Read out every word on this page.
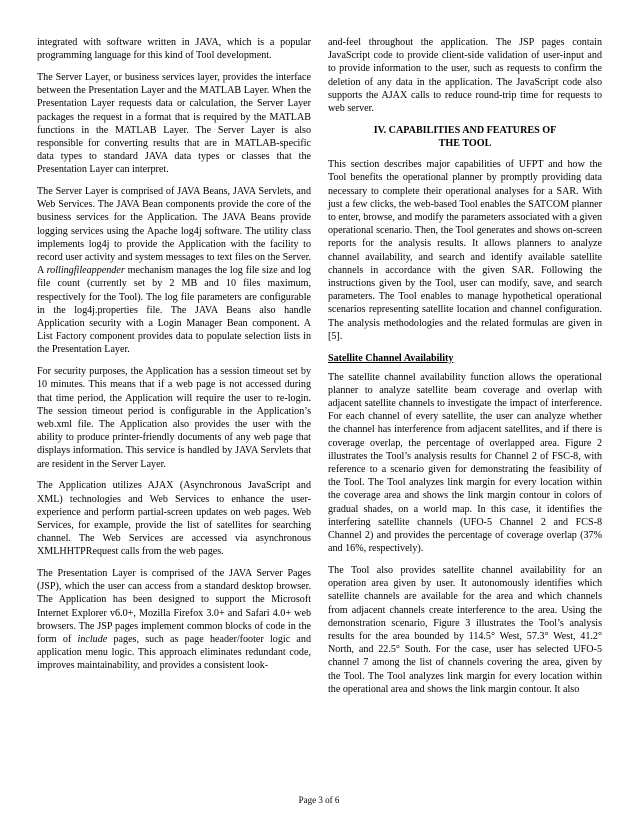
integrated with software written in JAVA, which is a popular programming language for this kind of Tool development.

The Server Layer, or business services layer, provides the interface between the Presentation Layer and the MATLAB Layer. When the Presentation Layer requests data or calculation, the Server Layer packages the request in a format that is required by the MATLAB functions in the MATLAB Layer. The Server Layer is also responsible for converting results that are in MATLAB-specific data types to standard JAVA data types or classes that the Presentation Layer can interpret.

The Server Layer is comprised of JAVA Beans, JAVA Servlets, and Web Services. The JAVA Bean components provide the core of the business services for the Application. The JAVA Beans provide logging services using the Apache log4j software. The utility class implements log4j to provide the Application with the facility to record user activity and system messages to text files on the Server. A rollingfileappender mechanism manages the log file size and log file count (currently set by 2 MB and 10 files maximum, respectively for the Tool). The log file parameters are configurable in the log4j.properties file. The JAVA Beans also handle Application security with a Login Manager Bean component. A List Factory component provides data to populate selection lists in the Presentation Layer.

For security purposes, the Application has a session timeout set by 10 minutes. This means that if a web page is not accessed during that time period, the Application will require the user to re-login. The session timeout period is configurable in the Application’s web.xml file. The Application also provides the user with the ability to produce printer-friendly documents of any web page that displays information. This service is handled by JAVA Servlets that are resident in the Server Layer.

The Application utilizes AJAX (Asynchronous JavaScript and XML) technologies and Web Services to enhance the user-experience and perform partial-screen updates on web pages. Web Services, for example, provide the list of satellites for searching channel. The Web Services are accessed via asynchronous XMLHHTPRequest calls from the web pages.

The Presentation Layer is comprised of the JAVA Server Pages (JSP), which the user can access from a standard desktop browser. The Application has been designed to support the Microsoft Internet Explorer v6.0+, Mozilla Firefox 3.0+ and Safari 4.0+ web browsers. The JSP pages implement common blocks of code in the form of include pages, such as page header/footer logic and application menu logic. This approach eliminates redundant code, improves maintainability, and provides a consistent look-

and-feel throughout the application. The JSP pages contain JavaScript code to provide client-side validation of user-input and to provide information to the user, such as requests to confirm the deletion of any data in the application. The JavaScript code also supports the AJAX calls to reduce round-trip time for requests to web server.

IV. CAPABILITIES AND FEATURES OF
THE TOOL

This section describes major capabilities of UFPT and how the Tool benefits the operational planner by promptly providing data necessary to complete their operational analyses for a SAR. With just a few clicks, the web-based Tool enables the SATCOM planner to enter, browse, and modify the parameters associated with a given operational scenario. Then, the Tool generates and shows on-screen reports for the analysis results. It allows planners to analyze channel availability, and search and identify available satellite channels in accordance with the given SAR. Following the instructions given by the Tool, user can modify, save, and search parameters. The Tool enables to manage hypothetical operational scenarios representing satellite location and channel configuration. The analysis methodologies and the related formulas are given in [5].

Satellite Channel Availability

The satellite channel availability function allows the operational planner to analyze satellite beam coverage and overlap with adjacent satellite channels to investigate the impact of interference. For each channel of every satellite, the user can analyze whether the channel has interference from adjacent satellites, and if there is coverage overlap, the percentage of overlapped area. Figure 2 illustrates the Tool’s analysis results for Channel 2 of FSC-8, with reference to a scenario given for demonstrating the feasibility of the Tool. The Tool analyzes link margin for every location within the coverage area and shows the link margin contour in colors of gradual shades, on a world map. In this case, it identifies the interfering satellite channels (UFO-5 Channel 2 and FCS-8 Channel 2) and provides the percentage of coverage overlap (37% and 16%, respectively).

The Tool also provides satellite channel availability for an operation area given by user. It autonomously identifies which satellite channels are available for the area and which channels from adjacent channels create interference to the area. Using the demonstration scenario, Figure 3 illustrates the Tool’s analysis results for the area bounded by 114.5° West, 57.3° West, 41.2° North, and 22.5° South. For the case, user has selected UFO-5 channel 7 among the list of channels covering the area, given by the Tool. The Tool analyzes link margin for every location within the operational area and shows the link margin contour. It also

Page 3 of 6
